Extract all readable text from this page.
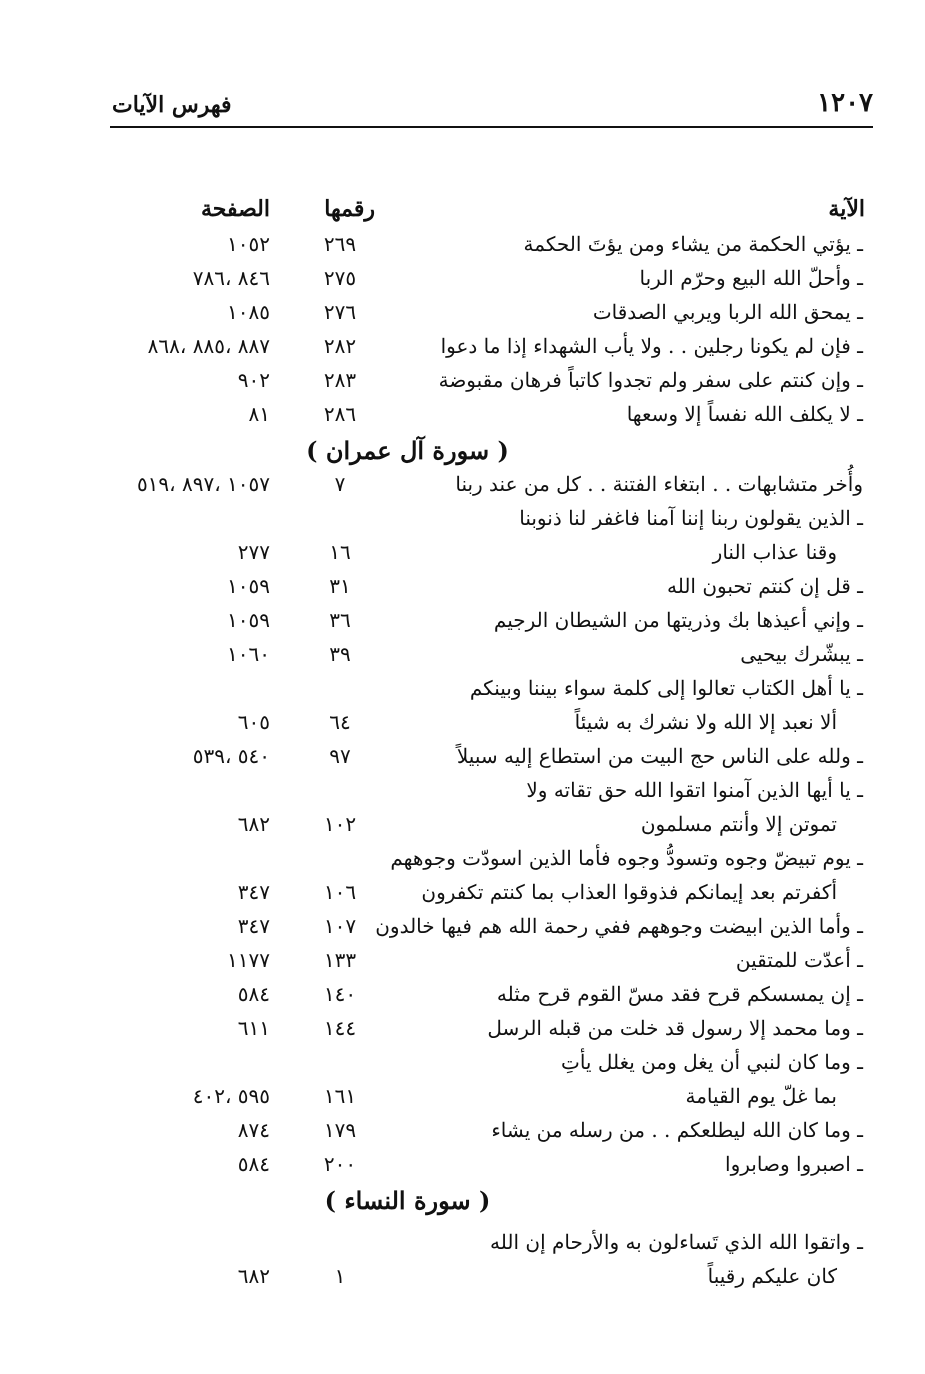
١٢٠٧
فهرس الآيات
الآية
رقمها
الصفحة
ـ يؤتي الحكمة من يشاء ومن يؤتَ الحكمة
٢٦٩
١٠٥٢
ـ وأحلّ الله البيع وحرّم الربا
٢٧٥
٨٤٦ ،٧٨٦
ـ يمحق الله الربا ويربي الصدقات
٢٧٦
١٠٨٥
ـ فإن لم يكونا رجلين . . ولا يأب الشهداء إذا ما دعوا
٢٨٢
٨٨٧ ،٨٨٥ ،٨٦٨
ـ وإن كنتم على سفر ولم تجدوا كاتباً فرهان مقبوضة
٢٨٣
٩٠٢
ـ لا يكلف الله نفساً إلا وسعها
٢٨٦
٨١
( سورة آل عمران )
وأُخر متشابهات . . ابتغاء الفتنة . . كل من عند ربنا
٧
١٠٥٧ ،٨٩٧ ،٥١٩
ـ الذين يقولون ربنا إننا آمنا فاغفر لنا ذنوبنا
وقنا عذاب النار
١٦
٢٧٧
ـ قل إن كنتم تحبون الله
٣١
١٠٥٩
ـ وإني أعيذها بك وذريتها من الشيطان الرجيم
٣٦
١٠٥٩
ـ يبشّرك بيحيى
٣٩
١٠٦٠
ـ يا أهل الكتاب تعالوا إلى كلمة سواء بيننا وبينكم
ألا نعبد إلا الله ولا نشرك به شيئاً
٦٤
٦٠٥
ـ ولله على الناس حج البيت من استطاع إليه سبيلاً
٩٧
٥٤٠ ،٥٣٩
ـ يا أيها الذين آمنوا اتقوا الله حق تقاته ولا
تموتن إلا وأنتم مسلمون
١٠٢
٦٨٢
ـ يوم تبيضّ وجوه وتسودُّ وجوه فأما الذين اسودّت وجوههم
أكفرتم بعد إيمانكم فذوقوا العذاب بما كنتم تكفرون
١٠٦
٣٤٧
ـ وأما الذين ابيضت وجوههم ففي رحمة الله هم فيها خالدون
١٠٧
٣٤٧
ـ أعدّت للمتقين
١٣٣
١١٧٧
ـ إن يمسسكم قرح فقد مسّ القوم قرح مثله
١٤٠
٥٨٤
ـ وما محمد إلا رسول قد خلت من قبله الرسل
١٤٤
٦١١
ـ وما كان لنبي أن يغل ومن يغلل يأتِ
بما غلّ يوم القيامة
١٦١
٥٩٥ ،٤٠٢
ـ وما كان الله ليطلعكم . . من رسله من يشاء
١٧٩
٨٧٤
ـ اصبروا وصابروا
٢٠٠
٥٨٤
( سورة النساء )
ـ واتقوا الله الذي تَساءلون به والأرحام إن الله
كان عليكم رقيباً
١
٦٨٢
